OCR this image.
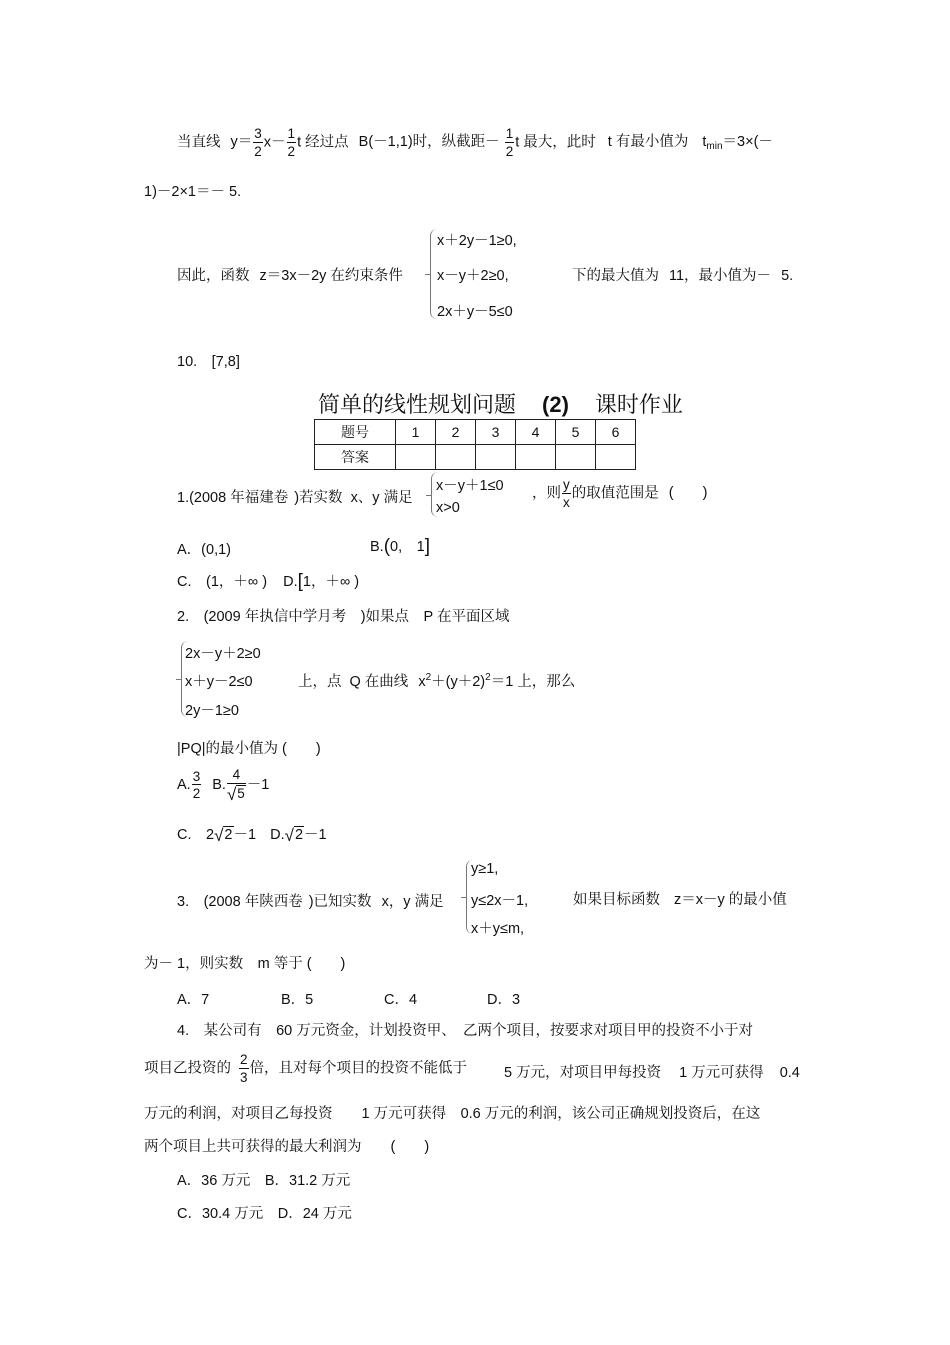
当直线 $y= \frac{3}{2} x- \frac{1}{2}$ t 经过点 B(－1,1)时，纵截距－ $\frac{1}{2}$ t 最大，此时 t 有最小值为 $t_{min}=3\times(-$
1)－2×1＝－ 5.
x＋2y－1≥0,
x－y＋2≥0,
2x＋y－5≤0
因此，函数 z＝3x－2y 在约束条件	下的最大值为 11，最小值为－ 5.
10.　[7,8]
简单的线性规划问题 (2) 课时作业
题号	1	2	3	4	5	6
答案						
x－y＋1≤0
x>0
1.(2008 年福建卷 )若实数 x、y 满足	，则 $\frac{y}{x}$ 的取值范围是 (　　)
A．(0,1)	B.(0,　1]
C.　(1，＋∞ ) D.[1，＋∞ )
2.　(2009 年执信中学月考　)如果点　P 在平面区域
2x－y＋2≥0
x＋y－2≤0
2y－1≥0
上，点 Q 在曲线 $x^2+(y+2)^2=1$ 上，那么
|PQ|的最小值为 (　　)
A. $\frac{3}{2} B$. $\frac{4}{√5} -1$
C.　2√2－1 D.√2－1
y≥1,
y≤2x－1,
x＋y≤m,
3.　(2008 年陕西卷 )已知实数 x，y 满足	如果目标函数 z＝x－y 的最小值
为－ 1，则实数　m 等于 (　　)
A．7	B．5	C．4	D．3
4.　某公司有　60 万元资金，计划投资甲、　乙两个项目，按要求对项目甲的投资不小于对
项目乙投资的 $\frac{2}{3}$ 倍，且对每个项目的投资不能低于	5 万元，对项目甲每投资 1 万元可获得 0.4
万元的利润，对项目乙每投资　　1 万元可获得　0.6 万元的利润，该公司正确规划投资后，在这
两个项目上共可获得的最大利润为　　(　　)
A．36 万元　B．31.2 万元
C．30.4 万元　D．24 万元
